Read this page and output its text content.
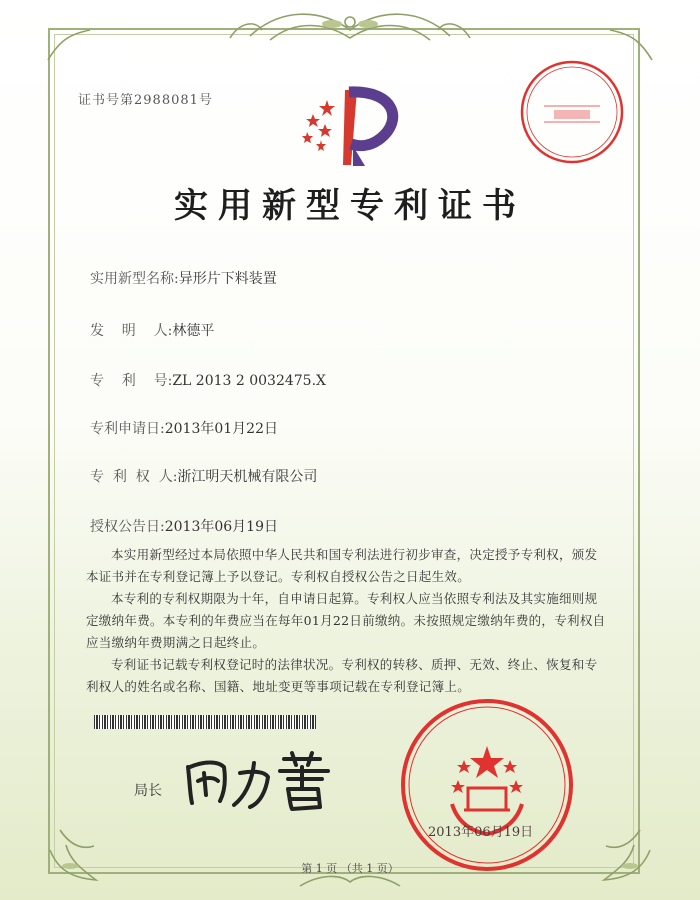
证书号第2988081号
实用新型专利证书
实用新型名称:异形片下料装置
发    明    人:林德平
专    利    号:ZL 2013 2 0032475.X
专利申请日:2013年01月22日
专  利  权  人:浙江明天机械有限公司
授权公告日:2013年06月19日

本实用新型经过本局依照中华人民共和国专利法进行初步审查，决定授予专利权，颁发本证书并在专利登记簿上予以登记。专利权自授权公告之日起生效。

本专利的专利权期限为十年，自申请日起算。专利权人应当依照专利法及其实施细则规定缴纳年费。本专利的年费应当在每年01月22日前缴纳。未按照规定缴纳年费的，专利权自应当缴纳年费期满之日起终止。

专利证书记载专利权登记时的法律状况。专利权的转移、质押、无效、终止、恢复和专利权人的姓名或名称、国籍、地址变更等事项记载在专利登记簿上。

局长
2013年06月19日
第 1 页 （共 1 页）
